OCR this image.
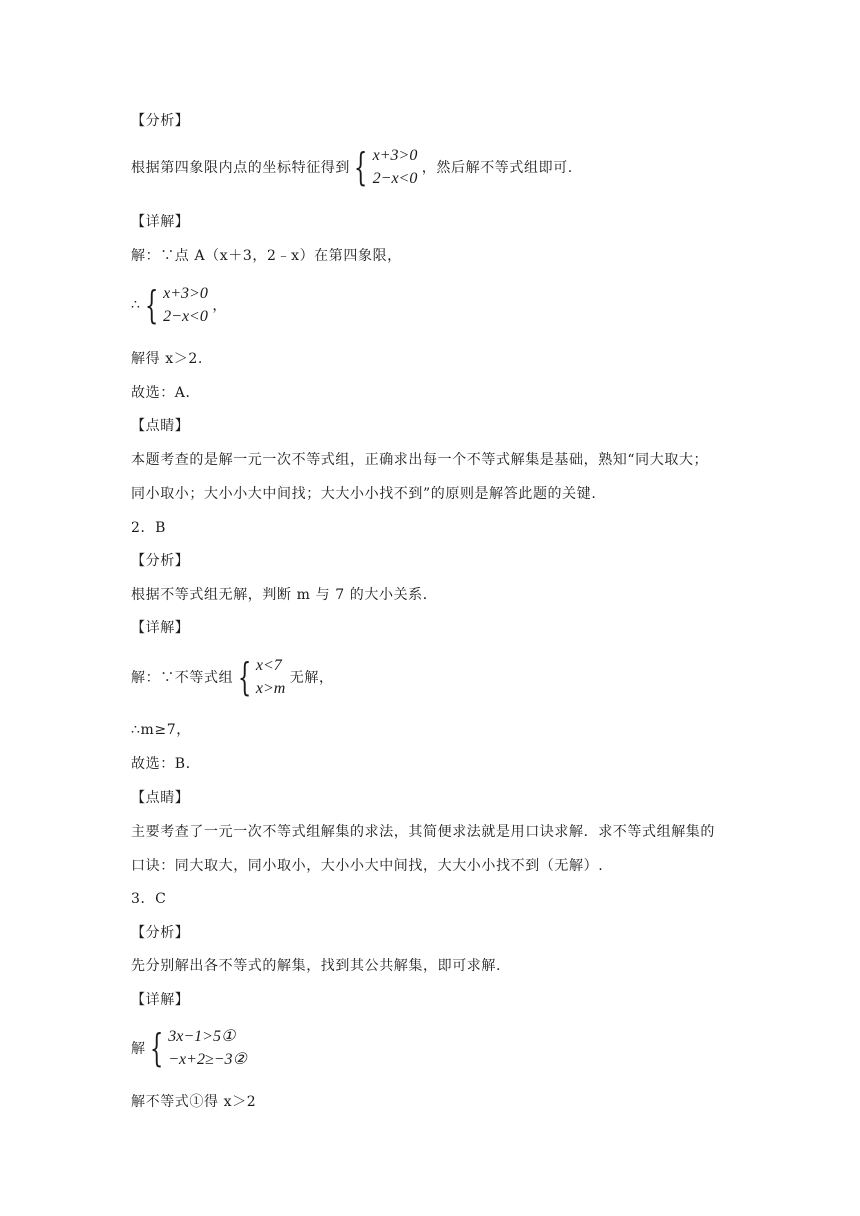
【分析】
根据第四象限内点的坐标特征得到 { x+3>0
2−x<0
，然后解不等式组即可.
【详解】
解：∵点 A（x＋3，2﹣x）在第四象限，
∴ { x+3>0
2−x<0
，
解得 x＞2.
故选：A．
【点睛】
本题考查的是解一元一次不等式组，正确求出每一个不等式解集是基础，熟知“同大取大；
同小取小；大小小大中间找；大大小小找不到”的原则是解答此题的关键.
2．B
【分析】
根据不等式组无解，判断 m 与 7 的大小关系．
【详解】
解：∵不等式组 { x<7
x>m
无解，
∴m≥7，
故选：B．
【点睛】
主要考查了一元一次不等式组解集的求法，其简便求法就是用口诀求解．求不等式组解集的
口诀：同大取大，同小取小，大小小大中间找，大大小小找不到（无解）.
3．C
【分析】
先分别解出各不等式的解集，找到其公共解集，即可求解.
【详解】
解 { 3x−1>5①
−x+2≥−3②
解不等式①得 x＞2
